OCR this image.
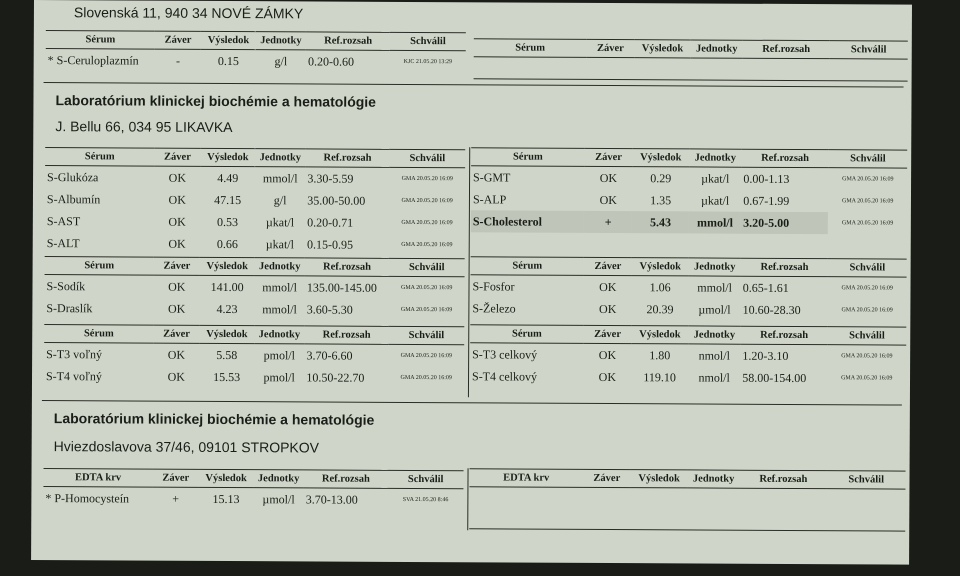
Slovenská 11, 940 34 NOVÉ ZÁMKY
Sérum	Záver	Výsledok	Jednotky	Ref.rozsah	Schválil
* S-Ceruloplazmín	-	0.15	g/l	0.20-0.60	KJC 21.05.20 13:29
Sérum	Záver	Výsledok	Jednotky	Ref.rozsah	Schválil
Laboratórium klinickej biochémie a hematológie
J. Bellu 66, 034 95 LIKAVKA
Sérum	Záver	Výsledok	Jednotky	Ref.rozsah	Schválil
S-Glukóza	OK	4.49	mmol/l	3.30-5.59	GMA 20.05.20 16:09
S-Albumín	OK	47.15	g/l	35.00-50.00	GMA 20.05.20 16:09
S-AST	OK	0.53	µkat/l	0.20-0.71	GMA 20.05.20 16:09
S-ALT	OK	0.66	µkat/l	0.15-0.95	GMA 20.05.20 16:09
Sérum	Záver	Výsledok	Jednotky	Ref.rozsah	Schválil
S-GMT	OK	0.29	µkat/l	0.00-1.13	GMA 20.05.20 16:09
S-ALP	OK	1.35	µkat/l	0.67-1.99	GMA 20.05.20 16:09
S-Cholesterol	+	5.43	mmol/l	3.20-5.00	GMA 20.05.20 16:09
Sérum	Záver	Výsledok	Jednotky	Ref.rozsah	Schválil
S-Sodík	OK	141.00	mmol/l	135.00-145.00	GMA 20.05.20 16:09
S-Draslík	OK	4.23	mmol/l	3.60-5.30	GMA 20.05.20 16:09
Sérum	Záver	Výsledok	Jednotky	Ref.rozsah	Schválil
S-Fosfor	OK	1.06	mmol/l	0.65-1.61	GMA 20.05.20 16:09
S-Železo	OK	20.39	µmol/l	10.60-28.30	GMA 20.05.20 16:09
Sérum	Záver	Výsledok	Jednotky	Ref.rozsah	Schválil
S-T3 voľný	OK	5.58	pmol/l	3.70-6.60	GMA 20.05.20 16:09
S-T4 voľný	OK	15.53	pmol/l	10.50-22.70	GMA 20.05.20 16:09
Sérum	Záver	Výsledok	Jednotky	Ref.rozsah	Schválil
S-T3 celkový	OK	1.80	nmol/l	1.20-3.10	GMA 20.05.20 16:09
S-T4 celkový	OK	119.10	nmol/l	58.00-154.00	GMA 20.05.20 16:09
Laboratórium klinickej biochémie a hematológie
Hviezdoslavova 37/46, 09101 STROPKOV
EDTA krv	Záver	Výsledok	Jednotky	Ref.rozsah	Schválil
* P-Homocysteín	+	15.13	µmol/l	3.70-13.00	SVA 21.05.20 8:46
EDTA krv	Záver	Výsledok	Jednotky	Ref.rozsah	Schválil
